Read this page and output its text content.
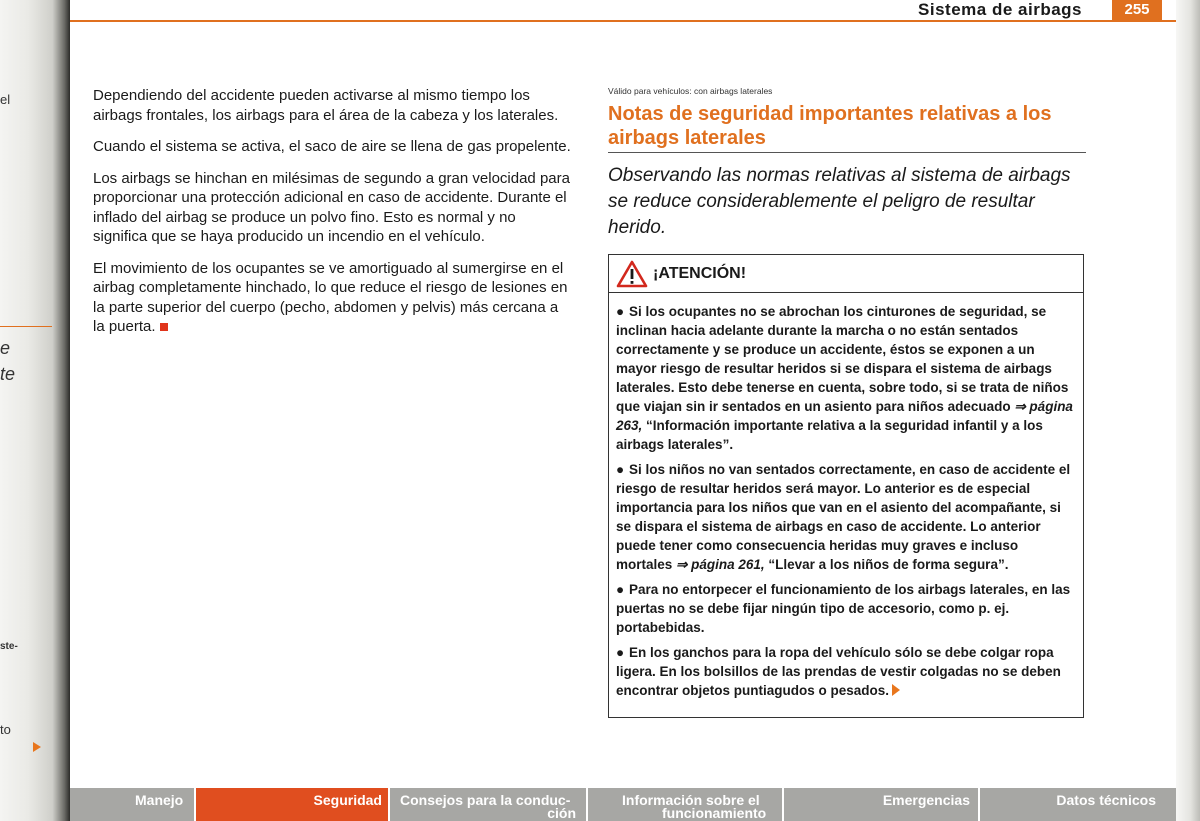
el
e
te
ste-
to
Sistema de airbags	255

Dependiendo del accidente pueden activarse al mismo tiempo los airbags frontales, los airbags para el área de la cabeza y los laterales.

Cuando el sistema se activa, el saco de aire se llena de gas propelente.

Los airbags se hinchan en milésimas de segundo a gran velocidad para proporcionar una protección adicional en caso de accidente. Durante el inflado del airbag se produce un polvo fino. Esto es normal y no significa que se haya producido un incendio en el vehículo.

El movimiento de los ocupantes se ve amortiguado al sumergirse en el airbag completamente hinchado, lo que reduce el riesgo de lesiones en la parte superior del cuerpo (pecho, abdomen y pelvis) más cercana a la puerta.

Válido para vehículos: con airbags laterales
Notas de seguridad importantes relativas a los airbags laterales

Observando las normas relativas al sistema de airbags se reduce considerablemente el peligro de resultar herido.

¡ATENCIÓN!

● Si los ocupantes no se abrochan los cinturones de seguridad, se inclinan hacia adelante durante la marcha o no están sentados correctamente y se produce un accidente, éstos se exponen a un mayor riesgo de resultar heridos si se dispara el sistema de airbags laterales. Esto debe tenerse en cuenta, sobre todo, si se trata de niños que viajan sin ir sentados en un asiento para niños adecuado ⇒ página 263, “Información importante relativa a la seguridad infantil y a los airbags laterales”.

● Si los niños no van sentados correctamente, en caso de accidente el riesgo de resultar heridos será mayor. Lo anterior es de especial importancia para los niños que van en el asiento del acompañante, si se dispara el sistema de airbags en caso de accidente. Lo anterior puede tener como consecuencia heridas muy graves e incluso mortales ⇒ página 261, “Llevar a los niños de forma segura”.

● Para no entorpecer el funcionamiento de los airbags laterales, en las puertas no se debe fijar ningún tipo de accesorio, como p. ej. portabebidas.

● En los ganchos para la ropa del vehículo sólo se debe colgar ropa ligera. En los bolsillos de las prendas de vestir colgadas no se deben encontrar objetos puntiagudos o pesados.

Manejo	Seguridad Consejos para la conduc-
ción
Información sobre el
funcionamiento
Emergencias	Datos técnicos
